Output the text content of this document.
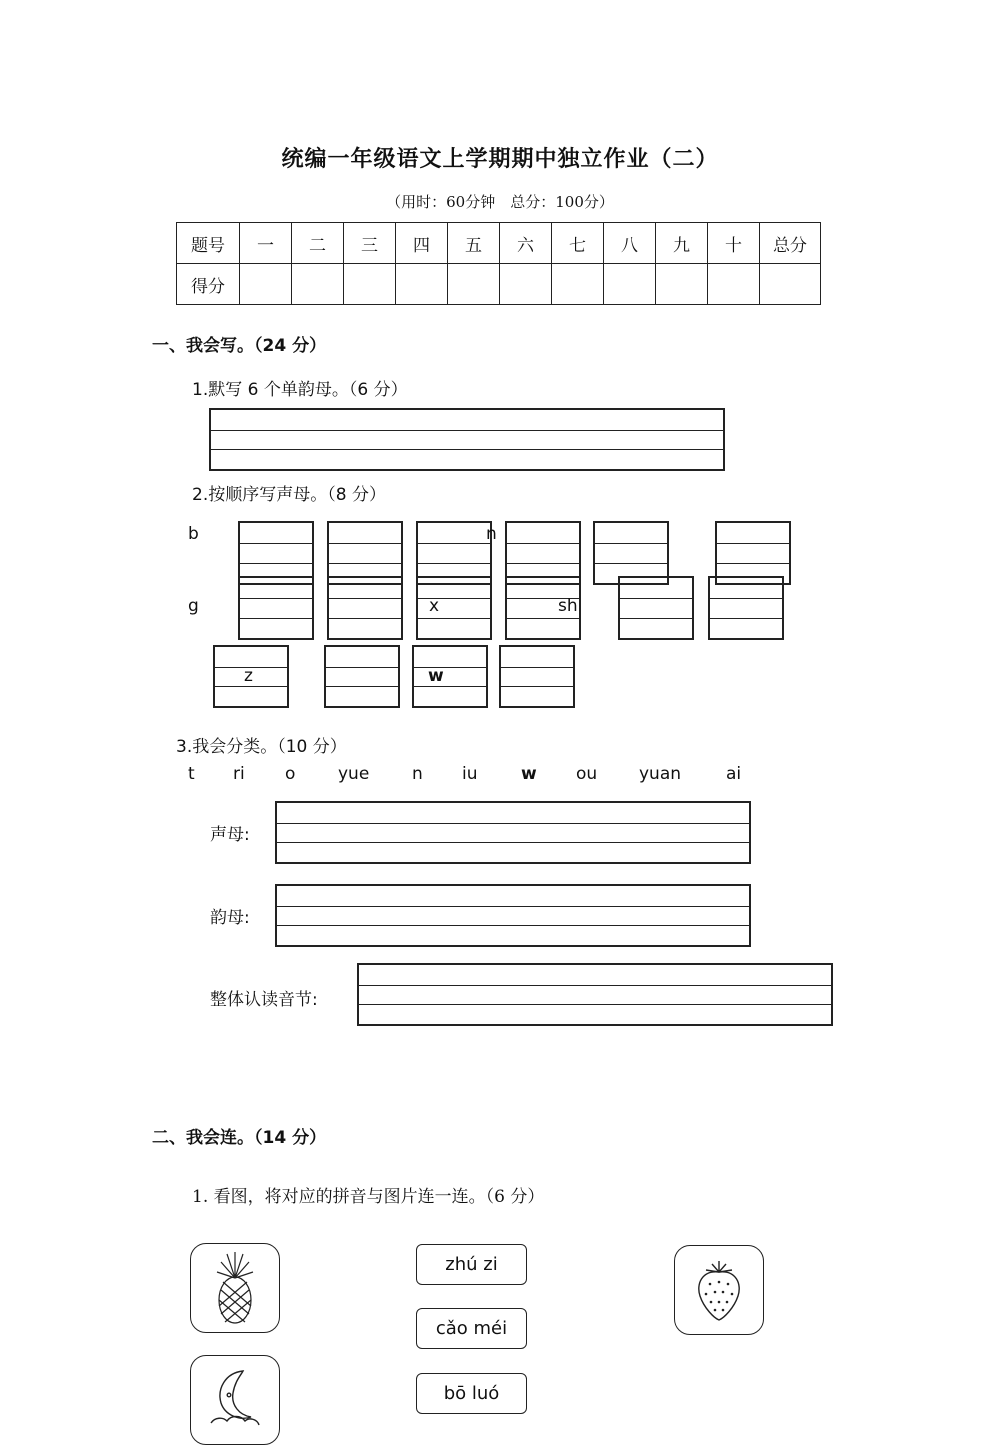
统编一年级语文上学期期中独立作业（二）
（用时：60分钟　总分：100分）
题号	一	二	三	四	五	六	七	八	九	十	总分
得分											
一、我会写。（24 分）
1.默写 6 个单韵母。（6 分）
2.按顺序写声母。（8 分）
b	n
g	x	sh
z	w
3.我会分类。（10 分）
t ri o	yue	n iu	w ou yuan	ai
声母:
韵母:
整体认读音节:
二、我会连。（14 分）
1. 看图，将对应的拼音与图片连一连。（6 分）
zhú zi
cǎo méi
bō luó
